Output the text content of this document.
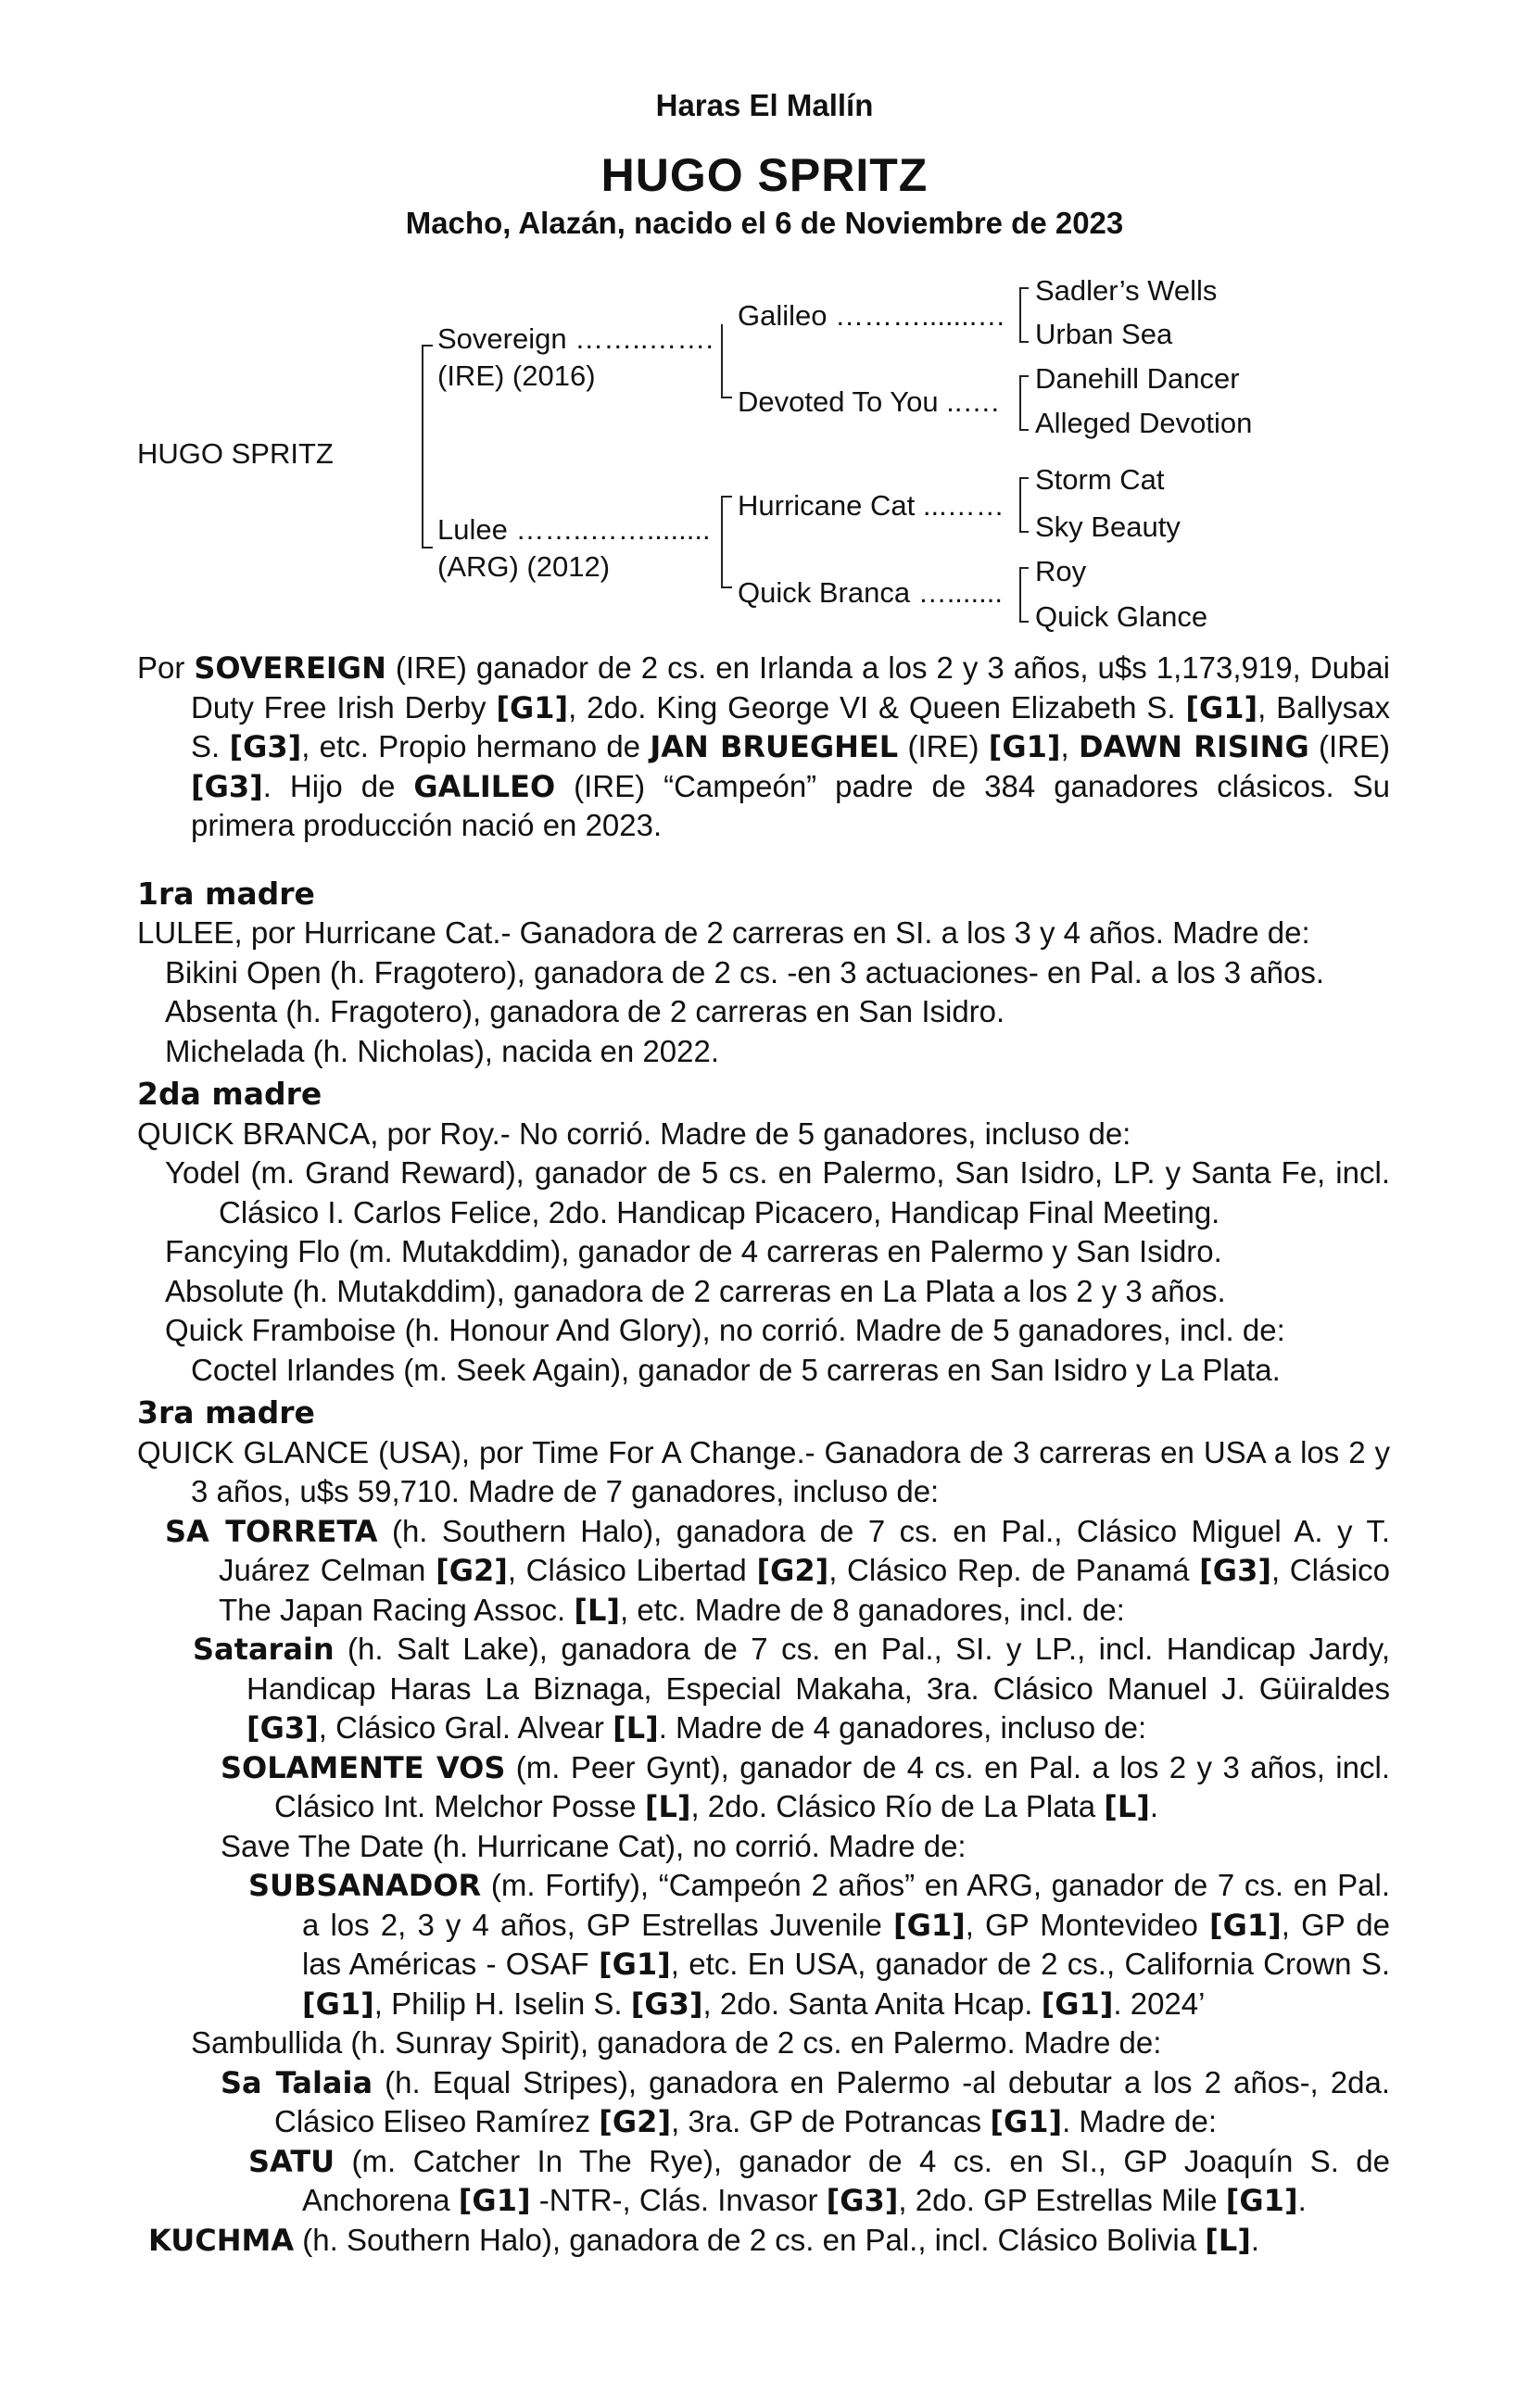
Haras El Mallín
HUGO SPRITZ
Macho, Alazán, nacido el 6 de Noviembre de 2023
HUGO SPRITZ
Sovereign ……..…….
(IRE) (2016)
Lulee ……..……........
(ARG) (2012)
Galileo ……….......…
Devoted To You ..….
Hurricane Cat ...……
Quick Branca ….......
Sadler’s Wells
Urban Sea
Danehill Dancer
Alleged Devotion
Storm Cat
Sky Beauty
Roy
Quick Glance

Por SOVEREIGN (IRE) ganador de 2 cs. en Irlanda a los 2 y 3 años, u$s 1,173,919, Dubai Duty Free Irish Derby [G1], 2do. King George VI & Queen Elizabeth S. [G1], Ballysax S. [G3], etc. Propio hermano de JAN BRUEGHEL (IRE) [G1], DAWN RISING (IRE) [G3]. Hijo de GALILEO (IRE) “Campeón” padre de 384 ganadores clásicos. Su primera producción nació en 2023.

1ra madre

LULEE, por Hurricane Cat.- Ganadora de 2 carreras en SI. a los 3 y 4 años. Madre de:

Bikini Open (h. Fragotero), ganadora de 2 cs. -en 3 actuaciones- en Pal. a los 3 años.

Absenta (h. Fragotero), ganadora de 2 carreras en San Isidro.

Michelada (h. Nicholas), nacida en 2022.

2da madre

QUICK BRANCA, por Roy.- No corrió. Madre de 5 ganadores, incluso de:

Yodel (m. Grand Reward), ganador de 5 cs. en Palermo, San Isidro, LP. y Santa Fe, incl. Clásico I. Carlos Felice, 2do. Handicap Picacero, Handicap Final Meeting.

Fancying Flo (m. Mutakddim), ganador de 4 carreras en Palermo y San Isidro.

Absolute (h. Mutakddim), ganadora de 2 carreras en La Plata a los 2 y 3 años.

Quick Framboise (h. Honour And Glory), no corrió. Madre de 5 ganadores, incl. de:

Coctel Irlandes (m. Seek Again), ganador de 5 carreras en San Isidro y La Plata.

3ra madre

QUICK GLANCE (USA), por Time For A Change.- Ganadora de 3 carreras en USA a los 2 y 3 años, u$s 59,710. Madre de 7 ganadores, incluso de:

SA TORRETA (h. Southern Halo), ganadora de 7 cs. en Pal., Clásico Miguel A. y T. Juárez Celman [G2], Clásico Libertad [G2], Clásico Rep. de Panamá [G3], Clásico The Japan Racing Assoc. [L], etc. Madre de 8 ganadores, incl. de:

Satarain (h. Salt Lake), ganadora de 7 cs. en Pal., SI. y LP., incl. Handicap Jardy, Handicap Haras La Biznaga, Especial Makaha, 3ra. Clásico Manuel J. Güiraldes [G3], Clásico Gral. Alvear [L]. Madre de 4 ganadores, incluso de:

SOLAMENTE VOS (m. Peer Gynt), ganador de 4 cs. en Pal. a los 2 y 3 años, incl. Clásico Int. Melchor Posse [L], 2do. Clásico Río de La Plata [L].

Save The Date (h. Hurricane Cat), no corrió. Madre de:

SUBSANADOR (m. Fortify), “Campeón 2 años” en ARG, ganador de 7 cs. en Pal. a los 2, 3 y 4 años, GP Estrellas Juvenile [G1], GP Montevideo [G1], GP de las Américas - OSAF [G1], etc. En USA, ganador de 2 cs., California Crown S. [G1], Philip H. Iselin S. [G3], 2do. Santa Anita Hcap. [G1]. 2024’

Sambullida (h. Sunray Spirit), ganadora de 2 cs. en Palermo. Madre de:

Sa Talaia (h. Equal Stripes), ganadora en Palermo -al debutar a los 2 años-, 2da. Clásico Eliseo Ramírez [G2], 3ra. GP de Potrancas [G1]. Madre de:

SATU (m. Catcher In The Rye), ganador de 4 cs. en SI., GP Joaquín S. de Anchorena [G1] -NTR-, Clás. Invasor [G3], 2do. GP Estrellas Mile [G1].

KUCHMA (h. Southern Halo), ganadora de 2 cs. en Pal., incl. Clásico Bolivia [L].
